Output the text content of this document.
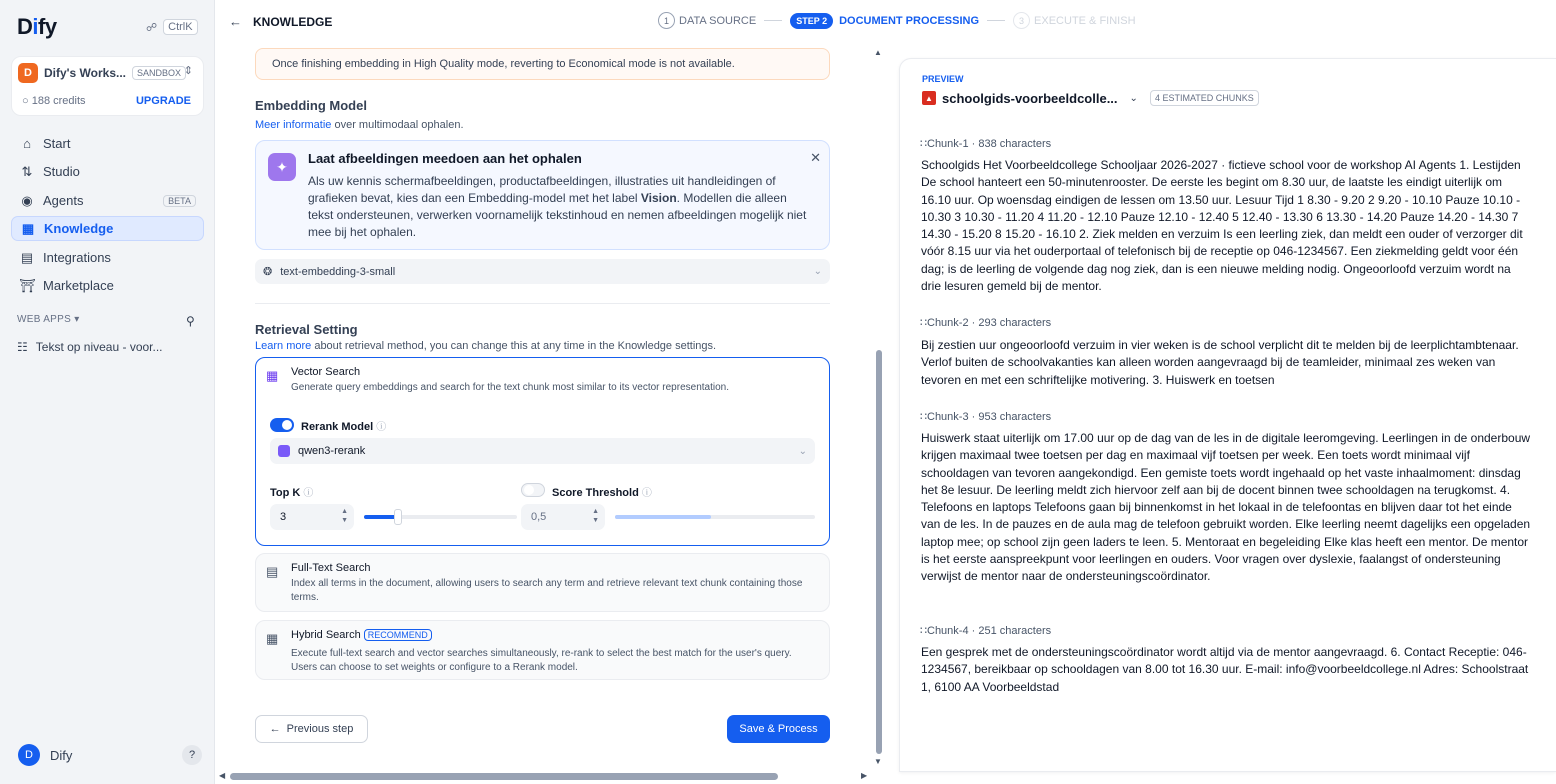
Dify	☍	CtrlK
D	Dify's Works...	SANDBOX ⇕
○ 188 credits	UPGRADE
⌂ Start
⇅ Studio
◉ Agents	BETA
▦ Knowledge
▤ Integrations
⛩ Marketplace
WEB APPS ▾	⚲
☷ Tekst op niveau - voor...
D	Dify	?
← KNOWLEDGE	1 DATA SOURCE	STEP 2	DOCUMENT PROCESSING	3 EXECUTE & FINISH
Once finishing embedding in High Quality mode, reverting to Economical mode is not available.
Embedding Model
Meer informatie over multimodaal ophalen.
✦	Laat afbeeldingen meedoen aan het ophalen
Als uw kennis schermafbeeldingen, productafbeeldingen, illustraties uit handleidingen of grafieken bevat, kies dan een Embedding-model met het label Vision. Modellen die alleen tekst ondersteunen, verwerken voornamelijk tekstinhoud en nemen afbeeldingen mogelijk niet mee bij het ophalen.
✕
❂ text-embedding-3-small	⌄
Retrieval Setting
Learn more about retrieval method, you can change this at any time in the Knowledge settings.
▦ Vector Search
Generate query embeddings and search for the text chunk most similar to its vector representation.
Rerank Model ⓘ
qwen3-rerank	⌄
Top K ⓘ	Score Threshold ⓘ
3	▲
▼	0,5	▲
▼
▤ Full-Text Search
Index all terms in the document, allowing users to search any term and retrieve relevant text chunk containing those terms.
▦ Hybrid Search RECOMMEND
Execute full-text search and vector searches simultaneously, re-rank to select the best match for the user's query. Users can choose to set weights or configure to a Rerank model.
← Previous step	Save & Process
▲
▼
◀	▶
PREVIEW
▲ schoolgids-voorbeeldcolle... ⌄	4 ESTIMATED CHUNKS
∷Chunk-1 · 838 characters
Schoolgids Het Voorbeeldcollege Schooljaar 2026-2027 · fictieve school voor de workshop AI Agents 1. Lestijden De school hanteert een 50-minutenrooster. De eerste les begint om 8.30 uur, de laatste les eindigt uiterlijk om 16.10 uur. Op woensdag eindigen de lessen om 13.50 uur. Lesuur Tijd 1 8.30 - 9.20 2 9.20 - 10.10 Pauze 10.10 - 10.30 3 10.30 - 11.20 4 11.20 - 12.10 Pauze 12.10 - 12.40 5 12.40 - 13.30 6 13.30 - 14.20 Pauze 14.20 - 14.30 7 14.30 - 15.20 8 15.20 - 16.10 2. Ziek melden en verzuim Is een leerling ziek, dan meldt een ouder of verzorger dit vóór 8.15 uur via het ouderportaal of telefonisch bij de receptie op 046-1234567. Een ziekmelding geldt voor één dag; is de leerling de volgende dag nog ziek, dan is een nieuwe melding nodig. Ongeoorloofd verzuim wordt na drie lesuren gemeld bij de mentor.
∷Chunk-2 · 293 characters
Bij zestien uur ongeoorloofd verzuim in vier weken is de school verplicht dit te melden bij de leerplichtambtenaar. Verlof buiten de schoolvakanties kan alleen worden aangevraagd bij de teamleider, minimaal zes weken van tevoren en met een schriftelijke motivering. 3. Huiswerk en toetsen
∷Chunk-3 · 953 characters
Huiswerk staat uiterlijk om 17.00 uur op de dag van de les in de digitale leeromgeving. Leerlingen in de onderbouw krijgen maximaal twee toetsen per dag en maximaal vijf toetsen per week. Een toets wordt minimaal vijf schooldagen van tevoren aangekondigd. Een gemiste toets wordt ingehaald op het vaste inhaalmoment: dinsdag het 8e lesuur. De leerling meldt zich hiervoor zelf aan bij de docent binnen twee schooldagen na terugkomst. 4. Telefoons en laptops Telefoons gaan bij binnenkomst in het lokaal in de telefoontas en blijven daar tot het einde van de les. In de pauzes en de aula mag de telefoon gebruikt worden. Elke leerling neemt dagelijks een opgeladen laptop mee; op school zijn geen laders te leen. 5. Mentoraat en begeleiding Elke klas heeft een mentor. De mentor is het eerste aanspreekpunt voor leerlingen en ouders. Voor vragen over dyslexie, faalangst of ondersteuning verwijst de mentor naar de ondersteuningscoördinator.
∷Chunk-4 · 251 characters
Een gesprek met de ondersteuningscoördinator wordt altijd via de mentor aangevraagd. 6. Contact Receptie: 046-1234567, bereikbaar op schooldagen van 8.00 tot 16.30 uur. E-mail: info@voorbeeldcollege.nl Adres: Schoolstraat 1, 6100 AA Voorbeeldstad
